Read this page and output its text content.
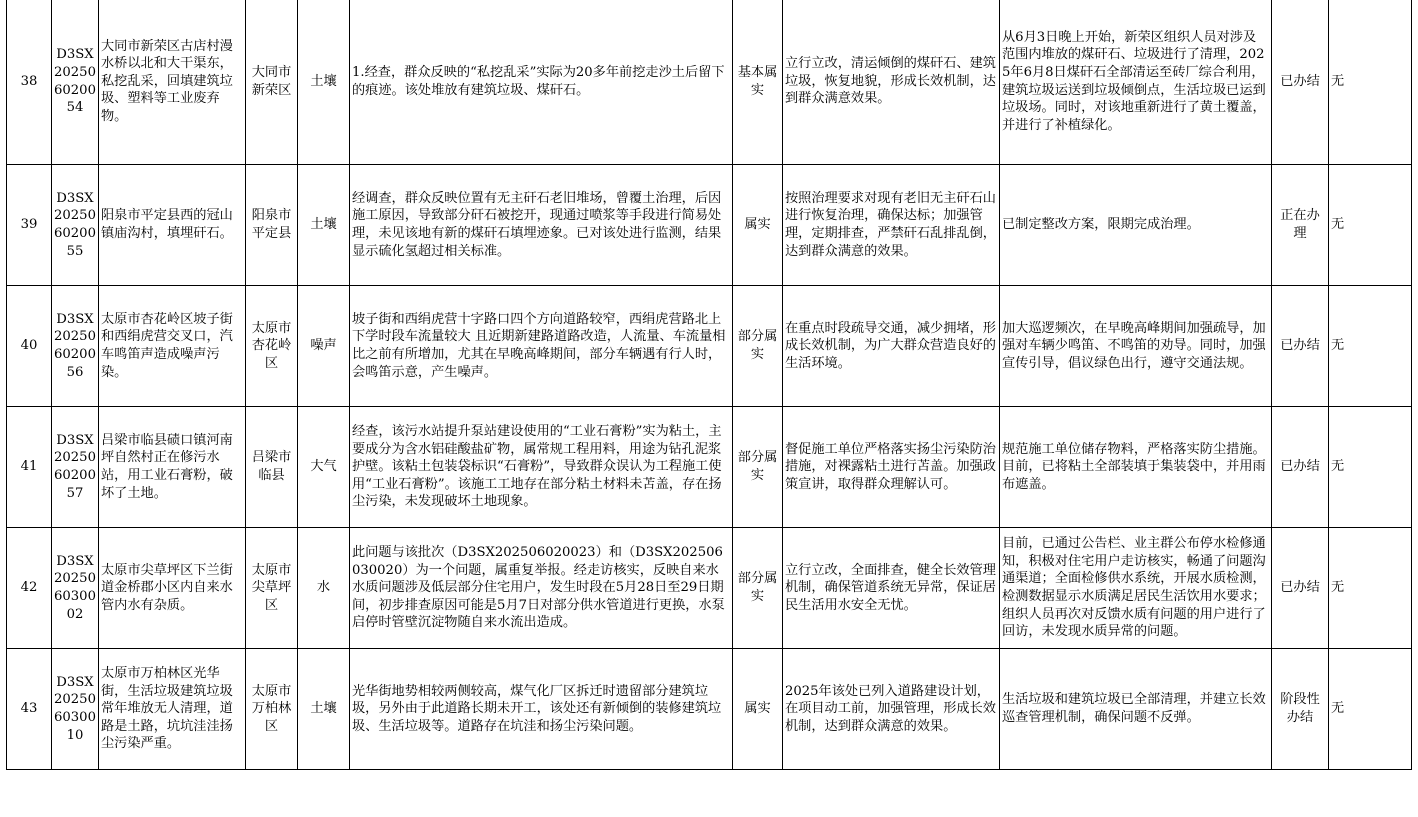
38	D3SX202506020054	大同市新荣区古店村漫水桥以北和大干渠东，私挖乱采，回填建筑垃圾、塑料等工业废弃物。	大同市新荣区	土壤	1.经查，群众反映的“私挖乱采”实际为20多年前挖走沙土后留下的痕迹。该处堆放有建筑垃圾、煤矸石。	基本属实	立行立改，清运倾倒的煤矸石、建筑垃圾，恢复地貌，形成长效机制，达到群众满意效果。	从6月3日晚上开始，新荣区组织人员对涉及范围内堆放的煤矸石、垃圾进行了清理，2025年6月8日煤矸石全部清运至砖厂综合利用，建筑垃圾运送到垃圾倾倒点，生活垃圾已运到垃圾场。同时，对该地重新进行了黄土覆盖，并进行了补植绿化。	已办结	无
39	D3SX202506020055	阳泉市平定县西的冠山镇庙沟村，填埋矸石。	阳泉市平定县	土壤	经调查，群众反映位置有无主矸石老旧堆场，曾覆土治理，后因施工原因，导致部分矸石被挖开，现通过喷浆等手段进行简易处理，未见该地有新的煤矸石填埋迹象。已对该处进行监测，结果显示硫化氢超过相关标准。	属实	按照治理要求对现有老旧无主矸石山进行恢复治理，确保达标；加强管理，定期排查，严禁矸石乱排乱倒，达到群众满意的效果。	已制定整改方案，限期完成治理。	正在办理	无
40	D3SX202506020056	太原市杏花岭区坡子街和西绢虎营交叉口，汽车鸣笛声造成噪声污染。	太原市杏花岭区	噪声	坡子街和西绢虎营十字路口四个方向道路较窄，西绢虎营路北上下学时段车流量较大 且近期新建路道路改造，人流量、车流量相比之前有所增加，尤其在早晚高峰期间，部分车辆遇有行人时，会鸣笛示意，产生噪声。	部分属实	在重点时段疏导交通，减少拥堵，形成长效机制，为广大群众营造良好的生活环境。	加大巡逻频次，在早晚高峰期间加强疏导，加强对车辆少鸣笛、不鸣笛的劝导。同时，加强宣传引导，倡议绿色出行，遵守交通法规。	已办结	无
41	D3SX202506020057	吕梁市临县碛口镇河南坪自然村正在修污水站，用工业石膏粉，破坏了土地。	吕梁市临县	大气	经查，该污水站提升泵站建设使用的“工业石膏粉”实为粘土，主要成分为含水铝硅酸盐矿物，属常规工程用料，用途为钻孔泥浆护壁。该粘土包装袋标识“石膏粉”，导致群众误认为工程施工使用“工业石膏粉”。该施工工地存在部分粘土材料未苫盖，存在扬尘污染，未发现破坏土地现象。	部分属实	督促施工单位严格落实扬尘污染防治措施，对裸露粘土进行苫盖。加强政策宣讲，取得群众理解认可。	规范施工单位储存物料，严格落实防尘措施。目前，已将粘土全部装填于集装袋中，并用雨布遮盖。	已办结	无
42	D3SX202506030002	太原市尖草坪区下兰街道金桥郡小区内自来水管内水有杂质。	太原市尖草坪区	水	此问题与该批次（D3SX202506020023）和（D3SX202506030020）为一个问题，属重复举报。经走访核实，反映自来水水质问题涉及低层部分住宅用户，发生时段在5月28日至29日期间，初步排查原因可能是5月7日对部分供水管道进行更换，水泵启停时管壁沉淀物随自来水流出造成。	部分属实	立行立改，全面排查，健全长效管理机制，确保管道系统无异常，保证居民生活用水安全无忧。	目前，已通过公告栏、业主群公布停水检修通知，积极对住宅用户走访核实，畅通了问题沟通渠道；全面检修供水系统，开展水质检测，检测数据显示水质满足居民生活饮用水要求；组织人员再次对反馈水质有问题的用户进行了回访，未发现水质异常的问题。	已办结	无
43	D3SX202506030010	太原市万柏林区光华街，生活垃圾建筑垃圾常年堆放无人清理，道路是土路，坑坑洼洼扬尘污染严重。	太原市万柏林区	土壤	光华街地势相较两侧较高，煤气化厂区拆迁时遗留部分建筑垃圾，另外由于此道路长期未开工，该处还有新倾倒的装修建筑垃圾、生活垃圾等。道路存在坑洼和扬尘污染问题。	属实	2025年该处已列入道路建设计划，在项目动工前，加强管理，形成长效机制，达到群众满意的效果。	生活垃圾和建筑垃圾已全部清理，并建立长效巡查管理机制，确保问题不反弹。	阶段性办结	无
